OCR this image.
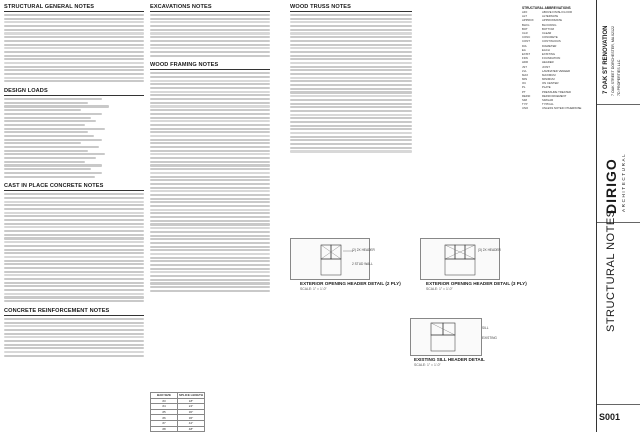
STRUCTURAL GENERAL NOTES
DESIGN LOADS
CAST IN PLACE CONCRETE NOTES
CONCRETE REINFORCEMENT NOTES
EXCAVATIONS NOTES
WOOD FRAMING NOTES
BAR SIZE	SPLICE LENGTH
#3	18"
#4	24"
#5	30"
#6	36"
#7	42"
#8	48"
WOOD TRUSS NOTES
(2) 2X HEADER
2 STUD WALL
EXTERIOR OPENING HEADER DETAIL (2 PLY)
SCALE: 1" = 1'-0"
(3) 2X HEADER
EXTERIOR OPENING HEADER DETAIL (3 PLY)
SCALE: 1" = 1'-0"
SILL
EXISTING
EXISTING SILL HEADER DETAIL
SCALE: 1" = 1'-0"
STRUCTURAL ABBREVIATIONS
AFF	ABOVE FINISH FLOOR
ALT	ALTERNATE
APPROX	APPROXIMATE
BLKG	BLOCKING
BOT	BOTTOM
CLR	CLEAR
CONC	CONCRETE
CONT	CONTINUOUS
DIA	DIAMETER
EA	EACH
EXIST	EXISTING
FDN	FOUNDATION
HDR	HEADER
JST	JOIST
LVL	LAMINATED VENEER
MAX	MAXIMUM
MIN	MINIMUM
OC	ON CENTER
PL	PLATE
PT	PRESSURE TREATED
REINF	REINFORCEMENT
SIM	SIMILAR
TYP	TYPICAL
UNO	UNLESS NOTED OTHERWISE
7 OAK ST RENOVATION 7 OAK STREET DORCHESTER, MA 02122 7D PROPERTIES LLC
DIRIGO ARCHITECTURAL
STRUCTURAL NOTES
S001
